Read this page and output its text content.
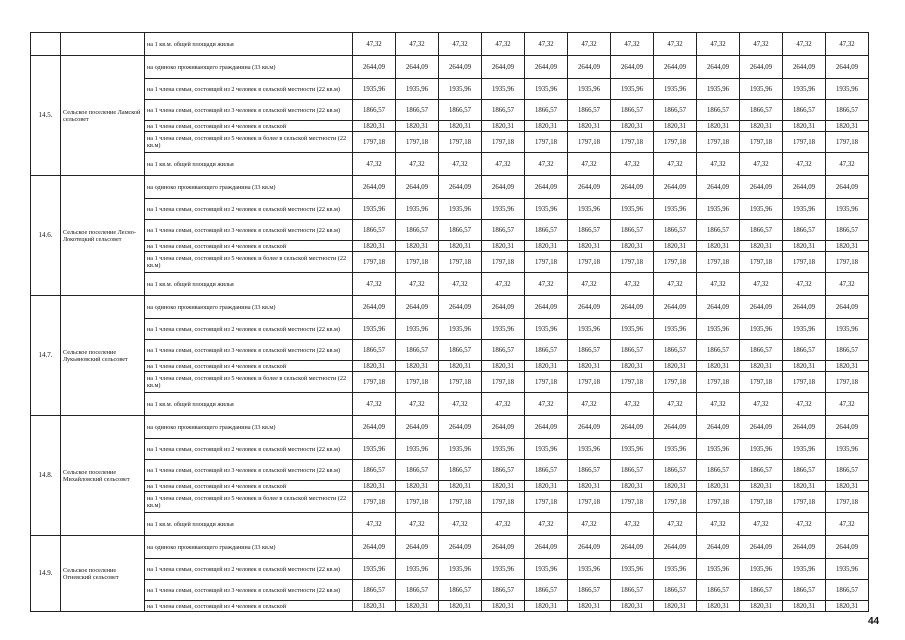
		на 1 кв.м. общей площади жилья	47,32	47,32	47,32	47,32	47,32	47,32	47,32	47,32	47,32	47,32	47,32	47,32
14.5.	Сельское поселение Ламской сельсовет	на одиноко проживающего гражданина (33 кв.м)	2644,09	2644,09	2644,09	2644,09	2644,09	2644,09	2644,09	2644,09	2644,09	2644,09	2644,09	2644,09
		на 1 члена семьи, состоящей из 2 человек в сельской местности (22 кв.м)	1935,96	1935,96	1935,96	1935,96	1935,96	1935,96	1935,96	1935,96	1935,96	1935,96	1935,96	1935,96
		на 1 члена семьи, состоящей из 3 человек в сельской местности (22 кв.м)	1866,57	1866,57	1866,57	1866,57	1866,57	1866,57	1866,57	1866,57	1866,57	1866,57	1866,57	1866,57
		на 1 члена семьи, состоящей из 4 человек в сельской	1820,31	1820,31	1820,31	1820,31	1820,31	1820,31	1820,31	1820,31	1820,31	1820,31	1820,31	1820,31
		на 1 члена семьи, состоящей из 5 человек и более в сельской местности (22 кв.м)	1797,18	1797,18	1797,18	1797,18	1797,18	1797,18	1797,18	1797,18	1797,18	1797,18	1797,18	1797,18
		на 1 кв.м. общей площади жилья	47,32	47,32	47,32	47,32	47,32	47,32	47,32	47,32	47,32	47,32	47,32	47,32
14.6.	Сельское поселение Лесно-Локотецкий сельсовет	на одиноко проживающего гражданина (33 кв.м)	2644,09	2644,09	2644,09	2644,09	2644,09	2644,09	2644,09	2644,09	2644,09	2644,09	2644,09	2644,09
		на 1 члена семьи, состоящей из 2 человек в сельской местности (22 кв.м)	1935,96	1935,96	1935,96	1935,96	1935,96	1935,96	1935,96	1935,96	1935,96	1935,96	1935,96	1935,96
		на 1 члена семьи, состоящей из 3 человек в сельской местности (22 кв.м)	1866,57	1866,57	1866,57	1866,57	1866,57	1866,57	1866,57	1866,57	1866,57	1866,57	1866,57	1866,57
		на 1 члена семьи, состоящей из 4 человек в сельской	1820,31	1820,31	1820,31	1820,31	1820,31	1820,31	1820,31	1820,31	1820,31	1820,31	1820,31	1820,31
		на 1 члена семьи, состоящей из 5 человек и более в сельской местности (22 кв.м)	1797,18	1797,18	1797,18	1797,18	1797,18	1797,18	1797,18	1797,18	1797,18	1797,18	1797,18	1797,18
		на 1 кв.м. общей площади жилья	47,32	47,32	47,32	47,32	47,32	47,32	47,32	47,32	47,32	47,32	47,32	47,32
14.7.	Сельское поселение Лукьяновский сельсовет	на одиноко проживающего гражданина (33 кв.м)	2644,09	2644,09	2644,09	2644,09	2644,09	2644,09	2644,09	2644,09	2644,09	2644,09	2644,09	2644,09
		на 1 члена семьи, состоящей из 2 человек в сельской местности (22 кв.м)	1935,96	1935,96	1935,96	1935,96	1935,96	1935,96	1935,96	1935,96	1935,96	1935,96	1935,96	1935,96
		на 1 члена семьи, состоящей из 3 человек в сельской местности (22 кв.м)	1866,57	1866,57	1866,57	1866,57	1866,57	1866,57	1866,57	1866,57	1866,57	1866,57	1866,57	1866,57
		на 1 члена семьи, состоящей из 4 человек в сельской	1820,31	1820,31	1820,31	1820,31	1820,31	1820,31	1820,31	1820,31	1820,31	1820,31	1820,31	1820,31
		на 1 члена семьи, состоящей из 5 человек и более в сельской местности (22 кв.м)	1797,18	1797,18	1797,18	1797,18	1797,18	1797,18	1797,18	1797,18	1797,18	1797,18	1797,18	1797,18
		на 1 кв.м. общей площади жилья	47,32	47,32	47,32	47,32	47,32	47,32	47,32	47,32	47,32	47,32	47,32	47,32
14.8.	Сельское поселение Михайловский сельсовет	на одиноко проживающего гражданина (33 кв.м)	2644,09	2644,09	2644,09	2644,09	2644,09	2644,09	2644,09	2644,09	2644,09	2644,09	2644,09	2644,09
		на 1 члена семьи, состоящей из 2 человек в сельской местности (22 кв.м)	1935,96	1935,96	1935,96	1935,96	1935,96	1935,96	1935,96	1935,96	1935,96	1935,96	1935,96	1935,96
		на 1 члена семьи, состоящей из 3 человек в сельской местности (22 кв.м)	1866,57	1866,57	1866,57	1866,57	1866,57	1866,57	1866,57	1866,57	1866,57	1866,57	1866,57	1866,57
		на 1 члена семьи, состоящей из 4 человек в сельской	1820,31	1820,31	1820,31	1820,31	1820,31	1820,31	1820,31	1820,31	1820,31	1820,31	1820,31	1820,31
		на 1 члена семьи, состоящей из 5 человек и более в сельской местности (22 кв.м)	1797,18	1797,18	1797,18	1797,18	1797,18	1797,18	1797,18	1797,18	1797,18	1797,18	1797,18	1797,18
		на 1 кв.м. общей площади жилья	47,32	47,32	47,32	47,32	47,32	47,32	47,32	47,32	47,32	47,32	47,32	47,32
14.9.	Сельское поселение Огневский сельсовет	на одиноко проживающего гражданина (33 кв.м)	2644,09	2644,09	2644,09	2644,09	2644,09	2644,09	2644,09	2644,09	2644,09	2644,09	2644,09	2644,09
		на 1 члена семьи, состоящей из 2 человек в сельской местности (22 кв.м)	1935,96	1935,96	1935,96	1935,96	1935,96	1935,96	1935,96	1935,96	1935,96	1935,96	1935,96	1935,96
		на 1 члена семьи, состоящей из 3 человек в сельской местности (22 кв.м)	1866,57	1866,57	1866,57	1866,57	1866,57	1866,57	1866,57	1866,57	1866,57	1866,57	1866,57	1866,57
		на 1 члена семьи, состоящей из 4 человек в сельской	1820,31	1820,31	1820,31	1820,31	1820,31	1820,31	1820,31	1820,31	1820,31	1820,31	1820,31	1820,31
44
